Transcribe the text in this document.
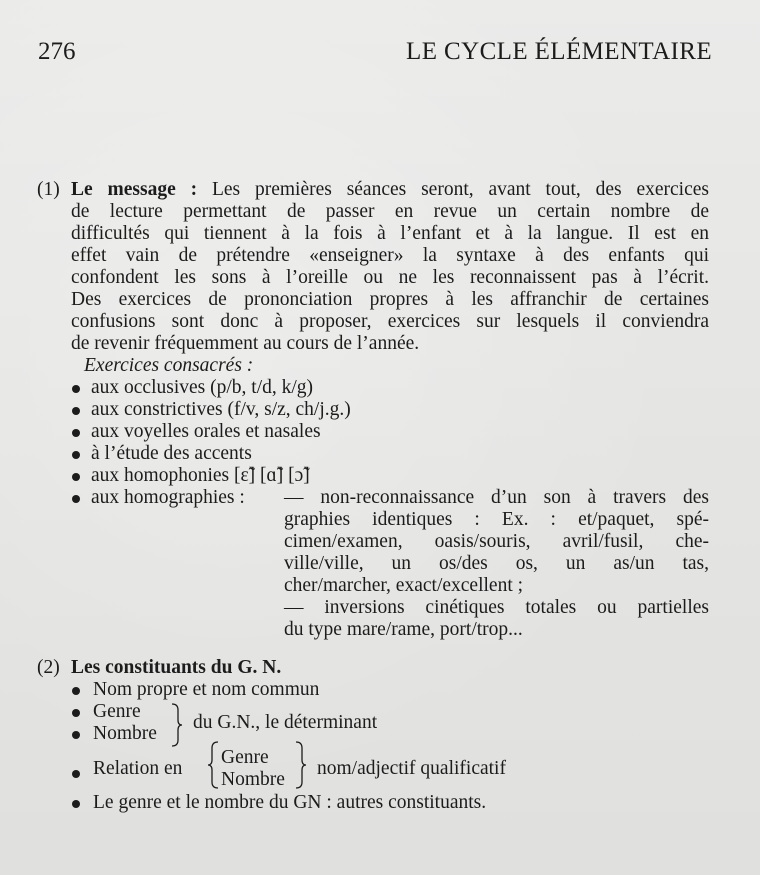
276	LE CYCLE ÉLÉMENTAIRE
(1) Le message : Les premières séances seront, avant tout, des exercices
de lecture permettant de passer en revue un certain nombre de
difficultés qui tiennent à la fois à l’enfant et à la langue. Il est en
effet vain de prétendre «enseigner» la syntaxe à des enfants qui
confondent les sons à l’oreille ou ne les reconnaissent pas à l’écrit.
Des exercices de prononciation propres à les affranchir de certaines
confusions sont donc à proposer, exercices sur lesquels il conviendra
de revenir fréquemment au cours de l’année.
Exercices consacrés :
aux occlusives (p/b, t/d, k/g)
aux constrictives (f/v, s/z, ch/j.g.)
aux voyelles orales et nasales
à l’étude des accents
aux homophonies [ɛ̃] [ɑ̃] [ɔ̃]
aux homographies : — non-reconnaissance d’un son à travers des
graphies identiques : Ex. : et/paquet, spé-
cimen/examen, oasis/souris, avril/fusil, che-
ville/ville, un os/des os, un as/un tas,
cher/marcher, exact/excellent ;
— inversions cinétiques totales ou partielles
du type mare/rame, port/trop...
(2) Les constituants du G. N.
Nom propre et nom commun
Genre
Nombre
du G.N., le déterminant
Relation en
Genre
Nombre
nom/adjectif qualificatif
Le genre et le nombre du GN : autres constituants.
